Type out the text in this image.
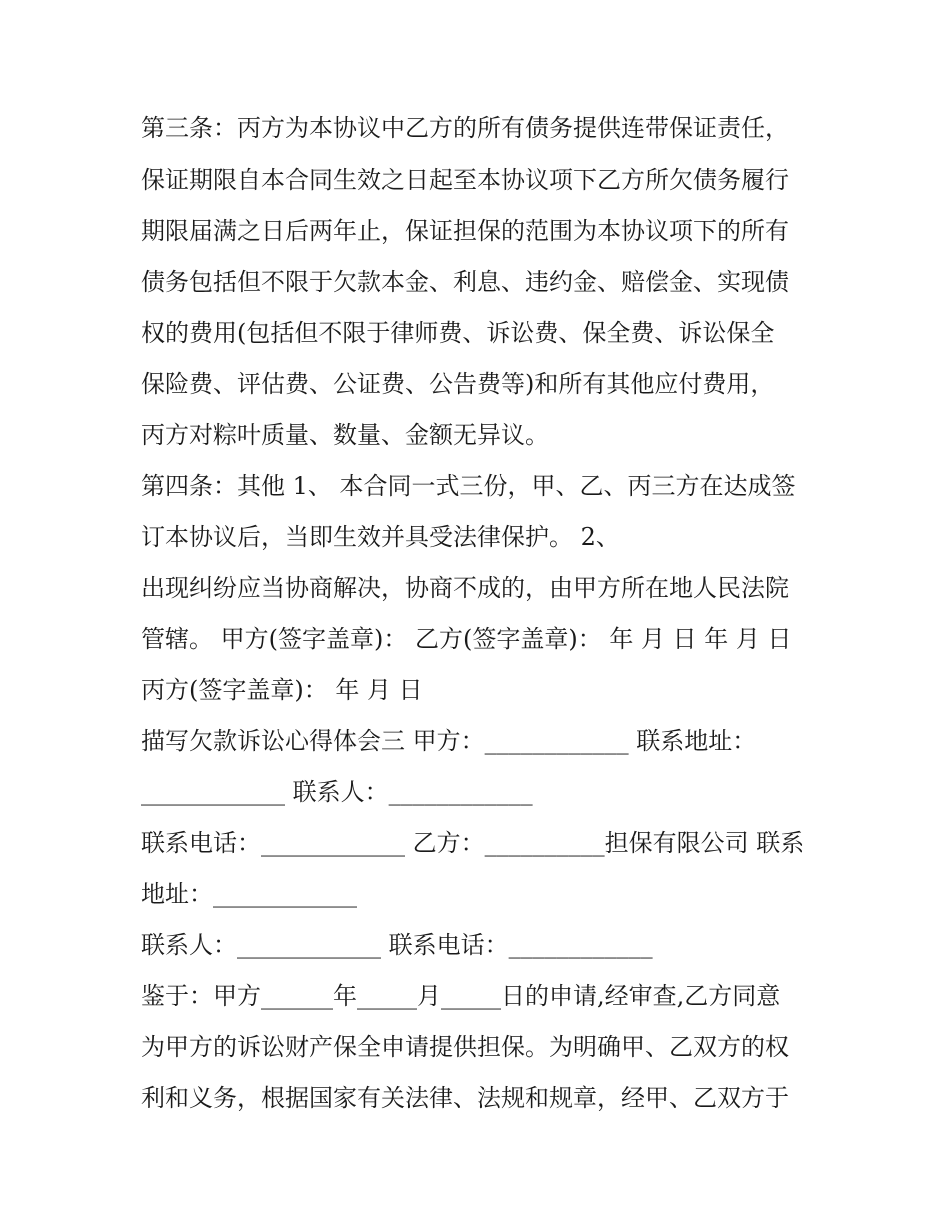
第三条：丙方为本协议中乙方的所有债务提供连带保证责任，
保证期限自本合同生效之日起至本协议项下乙方所欠债务履行
期限届满之日后两年止，保证担保的范围为本协议项下的所有
债务包括但不限于欠款本金、利息、违约金、赔偿金、实现债
权的费用(包括但不限于律师费、诉讼费、保全费、诉讼保全
保险费、评估费、公证费、公告费等)和所有其他应付费用，
丙方对粽叶质量、数量、金额无异议。
第四条：其他 1、 本合同一式三份，甲、乙、丙三方在达成签
订本协议后，当即生效并具受法律保护。 2、
出现纠纷应当协商解决，协商不成的，由甲方所在地人民法院
管辖。 甲方(签字盖章)： 乙方(签字盖章)： 年 月 日 年 月 日
丙方(签字盖章)： 年 月 日
描写欠款诉讼心得体会三 甲方：____________ 联系地址：
____________ 联系人：____________
联系电话：____________ 乙方：__________担保有限公司 联系
地址：____________
联系人：____________ 联系电话：____________
鉴于：甲方______年_____月_____日的申请,经审查,乙方同意
为甲方的诉讼财产保全申请提供担保。为明确甲、乙双方的权
利和义务，根据国家有关法律、法规和规章，经甲、乙双方于
